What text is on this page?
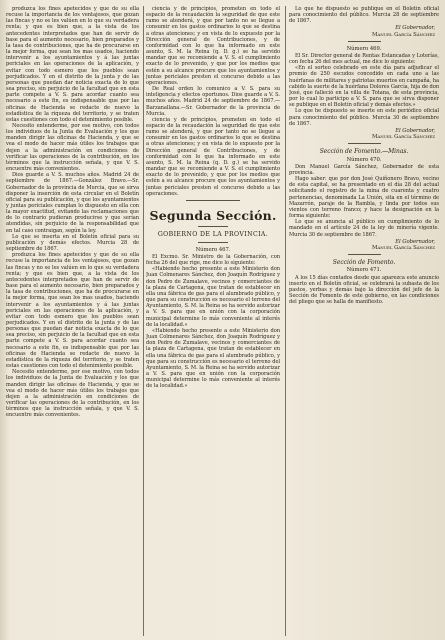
produzca los fines apetecidos y que de su ella recuse la importancia de los ventajosos, que gozan las fincas y no se les valúen en lo que su verdadera renta; y que es bien que, a la vista de los antecedentes interpretados que han de servir de base para el aumento necesario, bien preparados y la tasa de contribuciones, que ha de procurarse en la mejor forma, que sean los mas usados, haciendo intervenir a los ayuntamientos y á las juntas periciales en las operaciones de la aplicación, y evitar con todo esmero que los pueblos sean perjudicados. Y en el distrito de la junta y de las personas que puedan dar noticia exacta de lo que sea preciso, sin perjuicio de la facultad que en esta parte compete a V. S. para acordar cuanto sea necesario a este fin, es indispensable que por las oficinas de Hacienda se redacte de nuevo la estadística de la riqueza del territorio, y se traten estas cuestiones con todo el detenimiento posible.

Necesito entenderme, por ese motivo, con todos los individuos de la Junta de Evaluación y los que manden dirigir las oficinas de Hacienda, y que se vea el modo de hacer más útiles los trabajos que dejen a la administración en condiciones de verificar las operaciones de la contribución, en los términos que la instrucción señala, y que V. S. encuentre más convenientes.

Dios guarde a V. S. muchos años. Madrid 24 de septiembre de 1867.—González Bravo.—Sr. Gobernador de la provincia de Murcia, que se sirva disponer la inserción de esta circular en el Boletín oficial para su publicación, y que los ayuntamientos y juntas periciales cumplan lo dispuesto en ella con la mayor exactitud, evitando las reclamaciones que de lo contrario pudieran producirse y que serían atendidas, sin perjuicio de la responsabilidad que en tal caso contraigan, según la ley.

Lo que se inserta en el Boletín oficial para su publicación y demás efectos. Murcia 28 de septiembre de 1867.

produzca los fines apetecidos y que de su ella recuse la importancia de los ventajosos, que gozan las fincas y no se les valúen en lo que su verdadera renta; y que es bien que, a la vista de los antecedentes interpretados que han de servir de base para el aumento necesario, bien preparados y la tasa de contribuciones, que ha de procurarse en la mejor forma, que sean los mas usados, haciendo intervenir a los ayuntamientos y á las juntas periciales en las operaciones de la aplicación, y evitar con todo esmero que los pueblos sean perjudicados. Y en el distrito de la junta y de las personas que puedan dar noticia exacta de lo que sea preciso, sin perjuicio de la facultad que en esta parte compete a V. S. para acordar cuanto sea necesario a este fin, es indispensable que por las oficinas de Hacienda se redacte de nuevo la estadística de la riqueza del territorio, y se traten estas cuestiones con todo el detenimiento posible.

Necesito entenderme, por ese motivo, con todos los individuos de la Junta de Evaluación y los que manden dirigir las oficinas de Hacienda, y que se vea el modo de hacer más útiles los trabajos que dejen a la administración en condiciones de verificar las operaciones de la contribución, en los términos que la instrucción señala, y que V. S. encuentre más convenientes.

ciencia y de principios, prometen en todo el espacio de la recaudación la seguridad de que este ramo se atenderá, y que por tanto no se llegue a consumir en los gastos ordinarios lo que se destina a otras atenciones; y en vista de lo expuesto por la Dirección general de Contribuciones, y de conformidad con lo que ha informado en este asunto, S. M. la Reina (q. D. g.) se ha servido mandar que se recomiende a V. S. el cumplimiento exacto de lo prevenido, y que por los medios que estén a su alcance procure que los ayuntamientos y juntas periciales presten el concurso debido a las operaciones.

De Real orden lo comunico a V. S. para su inteligencia y efectos oportunos. Dios guarde a V. S. muchos años. Madrid 24 de septiembre de 1867.—Barzanallana.—Sr. Gobernador de la provincia de Murcia.

ciencia y de principios, prometen en todo el espacio de la recaudación la seguridad de que este ramo se atenderá, y que por tanto no se llegue a consumir en los gastos ordinarios lo que se destina a otras atenciones; y en vista de lo expuesto por la Dirección general de Contribuciones, y de conformidad con lo que ha informado en este asunto, S. M. la Reina (q. D. g.) se ha servido mandar que se recomiende a V. S. el cumplimiento exacto de lo prevenido, y que por los medios que estén a su alcance procure que los ayuntamientos y juntas periciales presten el concurso debido a las operaciones.

Segunda Sección.
GOBIERNO DE LA PROVINCIA.

Número 467.

El Excmo. Sr. Ministro de la Gobernación, con fecha 26 del que rige, me dice lo siguiente:

«Habiendo hecho presente a este Ministerio don Juan Colmenares Sánchez, don Joaquín Rodríguez y don Pedro de Zumalave, vecinos y comerciantes de la plaza de Cartagena, que tratan de establecer en ella una fábrica de gas para el alumbrado público, y que para su construcción es necesario el terreno del Ayuntamiento, S. M. la Reina se ha servido autorizar a V. S. para que en unión con la corporación municipal determine lo más conveniente al interés de la localidad.»

«Habiendo hecho presente a este Ministerio don Juan Colmenares Sánchez, don Joaquín Rodríguez y don Pedro de Zumalave, vecinos y comerciantes de la plaza de Cartagena, que tratan de establecer en ella una fábrica de gas para el alumbrado público, y que para su construcción es necesario el terreno del Ayuntamiento, S. M. la Reina se ha servido autorizar a V. S. para que en unión con la corporación municipal determine lo más conveniente al interés de la localidad.»

Lo que he dispuesto se publique en el Boletín oficial para conocimiento del público. Murcia 28 de septiembre de 1867.

El Gobernador,

Manuel García Sánchez

Número 469.

El Sr. Director general de Rentas Estancadas y Loterías, con fecha 26 del mes actual, me dice lo siguiente:

«En el sorteo celebrado en este día para adjudicar el premio de 250 escudos concedido en cada uno a las huérfanas de militares y patriotas muertos en campaña, ha cabido la suerte de la huérfana Dolores García, hija de don José, que falleció en la villa de Totana, de esta provincia, por lo cual lo participo a V. S. para que se sirva disponer se publique en el Boletín oficial y demás efectos.»

Lo que he dispuesto se inserte en este periódico oficial para conocimiento del público. Murcia 30 de septiembre de 1867.

El Gobernador,

Manuel García Sánchez

Sección de Fomento.—Minas.

Número 470.

Don Manuel García Sánchez, Gobernador de esta provincia.

Hago saber: que por don José Quiñonero Bravo, vecino de esta capital, se ha presentado en el día 28 del actual solicitando el registro de la mina de cuarenta y cuatro pertenencias, denominada La Unión, sita en el término de Mazarrón, paraje de la Rambla, y linda por todos sus vientos con terreno franco; y hace la designación en la forma siguiente:

Lo que se anuncia al público en cumplimiento de lo mandado en el artículo 24 de la ley de minería vigente. Murcia 30 de septiembre de 1867.

El Gobernador,

Manuel García Sánchez

Sección de Fomento.

Número 471.

A los 15 días contados desde que aparezca este anuncio inserto en el Boletín oficial, se celebrará la subasta de los pastos, yerbas y demás bajo la dirección del jefe de la Sección de Fomento de este gobierno, en las condiciones del pliego que se halla de manifiesto.
